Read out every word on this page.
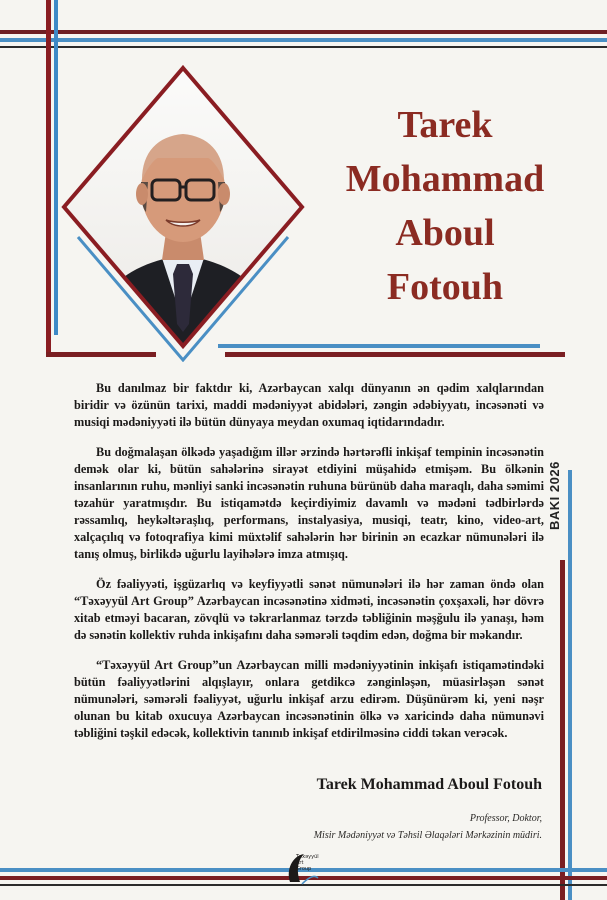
Tarek
Mohammad
Aboul
Fotouh
BAKI 2026

Bu danılmaz bir faktdır ki, Azərbaycan xalqı dünyanın ən qədim xalqlarından biridir və özünün tarixi, maddi mədəniyyət abidələri, zəngin ədəbiyyatı, incəsənəti və musiqi mədəniyyəti ilə bütün dünyaya meydan oxumaq iqtidarındadır.

Bu doğmalaşan ölkədə yaşadığım illər ərzində hərtərəfli inkişaf tempinin incəsənətin demək olar ki, bütün sahələrinə sirayət etdiyini müşahidə etmişəm. Bu ölkənin insanlarının ruhu, mənliyi sanki incəsənətin ruhuna bürünüb daha maraqlı, daha səmimi təzahür yaratmışdır. Bu istiqamətdə keçirdiyimiz davamlı və mədəni tədbirlərdə rəssamlıq, heykəltəraşlıq, performans, instalyasiya, musiqi, teatr, kino, video-art, xalçaçılıq və fotoqrafiya kimi müxtəlif sahələrin hər birinin ən ecazkar nümunələri ilə tanış olmuş, birlikdə uğurlu layihələrə imza atmışıq.

Öz fəaliyyəti, işgüzarlıq və keyfiyyətli sənət nümunələri ilə hər zaman öndə olan “Təxəyyül Art Group” Azərbaycan incəsənətinə xidməti, incəsənətin çoxşaxəli, hər dövrə xitab etməyi bacaran, zövqlü və təkrarlanmaz tərzdə təbliğinin məşğulu ilə yanaşı, həm də sənətin kollektiv ruhda inkişafını daha səmərəli təqdim edən, doğma bir məkandır.

“Təxəyyül Art Group”un Azərbaycan milli mədəniyyətinin inkişafı istiqamətindəki bütün fəaliyyətlərini alqışlayır, onlara getdikcə zənginləşən, müasirləşən sənət nümunələri, səmərəli fəaliyyət, uğurlu inkişaf arzu edirəm. Düşünürəm ki, yeni nəşr olunan bu kitab oxucuya Azərbaycan incəsənətinin ölkə və xaricində daha nümunəvi təbliğini təşkil edəcək, kollektivin tanınıb inkişaf etdirilməsinə ciddi təkan verəcək.

Tarek Mohammad Aboul Fotouh
Professor, Doktor,
Misir Mədəniyyət və Təhsil Əlaqələri Mərkəzinin müdiri.
Təxəyyül
Art
Group
